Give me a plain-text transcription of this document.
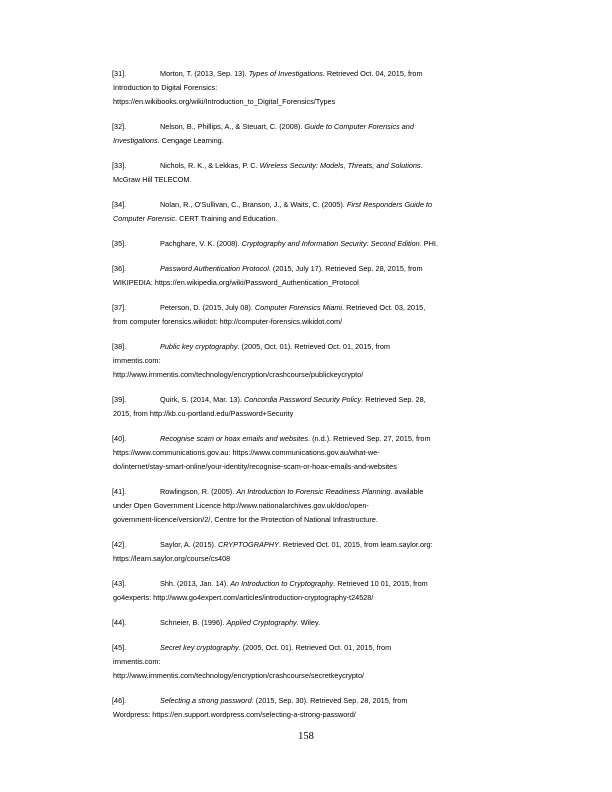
[31].	Morton, T. (2013, Sep. 13). Types of Investigations. Retrieved Oct. 04, 2015, from
Introduction to Digital Forensics:
https://en.wikibooks.org/wiki/Introduction_to_Digital_Forensics/Types
[32].	Nelson, B., Phillips, A., & Steuart, C. (2008). Guide to Computer Forensics and
Investigations. Cengage Learning.
[33].	Nichols, R. K., & Lekkas, P. C. Wireless Security: Models, Threats, and Solutions.
McGraw Hill TELECOM.
[34].	Nolan, R., O'Sullivan, C., Branson, J., & Waits, C. (2005). First Responders Guide to
Computer Forensic. CERT Training and Education.
[35].	Pachghare, V. K. (2008). Cryptography and Information Security: Second Edition. PHI.
[36].	Password Authentication Protocol. (2015, July 17). Retrieved Sep. 28, 2015, from
WIKIPEDIA: https://en.wikipedia.org/wiki/Password_Authentication_Protocol
[37].	Peterson, D. (2015, July 08). Computer Forensics Miami. Retrieved Oct. 03, 2015,
from computer forensics.wikidot: http://computer-forensics.wikidot.com/
[38].	Public key cryptography. (2005, Oct. 01). Retrieved Oct. 01, 2015, from
irnmentis.com:
http://www.irnmentis.com/technology/encryption/crashcourse/publickeycrypto/
[39].	Quirk, S. (2014, Mar. 13). Concordia Password Security Policy. Retrieved Sep. 28,
2015, from http://kb.cu-portland.edu/Password+Security
[40].	Recognise scam or hoax emails and websites. (n.d.). Retrieved Sep. 27, 2015, from
https://www.communications.gov.au: https://www.communications.gov.au/what-we-
do/internet/stay-smart-online/your-identity/recognise-scam-or-hoax-emails-and-websites
[41].	Rowlingson, R. (2005). An Introduction to Forensic Readiness Planning. available
under Open Government Licence http://www.nationalarchives.gov.uk/doc/open-
government-licence/version/2/, Centre for the Protection of National Infrastructure.
[42].	Saylor, A. (2015). CRYPTOGRAPHY. Retrieved Oct. 01, 2015, from learn.saylor.org:
https://learn.saylor.org/course/cs408
[43].	Shh. (2013, Jan. 14). An Introduction to Cryptography. Retrieved 10 01, 2015, from
go4experts: http://www.go4expert.com/articles/introduction-cryptography-t24528/
[44].	Schneier, B. (1996). Applied Cryptography. Wiley.
[45].	Secret key cryptography. (2005, Oct. 01). Retrieved Oct. 01, 2015, from
irnmentis.com:
http://www.irnmentis.com/technology/encryption/crashcourse/secretkeycrypto/
[46].	Selecting a strong password. (2015, Sep. 30). Retrieved Sep. 28, 2015, from
Wordpress: https://en.support.wordpress.com/selecting-a-strong-password/
158
